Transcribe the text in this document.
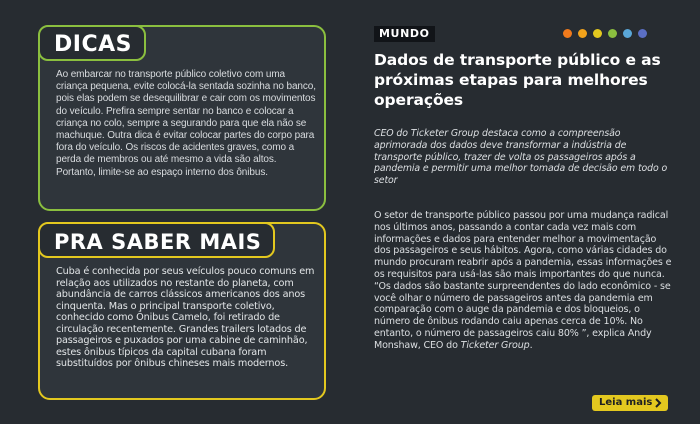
DICAS
Ao embarcar no transporte público coletivo com uma criança pequena, evite colocá-la sentada sozinha no banco, pois elas podem se desequilibrar e cair com os movimentos do veículo. Prefira sempre sentar no banco e colocar a criança no colo, sempre a segurando para que ela não se machuque. Outra dica é evitar colocar partes do corpo para fora do veículo. Os riscos de acidentes graves, como a perda de membros ou até mesmo a vida são altos. Portanto, limite-se ao espaço interno dos ônibus.
PRA SABER MAIS
Cuba é conhecida por seus veículos pouco comuns em relação aos utilizados no restante do planeta, com abundância de carros clássicos americanos dos anos cinquenta. Mas o principal transporte coletivo, conhecido como Ônibus Camelo, foi retirado de circulação recentemente. Grandes trailers lotados de passageiros e puxados por uma cabine de caminhão, estes ônibus típicos da capital cubana foram substituídos por ônibus chineses mais modernos.
MUNDO
Dados de transporte público e as próximas etapas para melhores operações
CEO do Ticketer Group destaca como a compreensão aprimorada dos dados deve transformar a indústria de transporte público, trazer de volta os passageiros após a pandemia e permitir uma melhor tomada de decisão em todo o setor

O setor de transporte público passou por uma mudança radical nos últimos anos, passando a contar cada vez mais com informações e dados para entender melhor a movimentação dos passageiros e seus hábitos. Agora, como várias cidades do mundo procuram reabrir após a pandemia, essas informações e os requisitos para usá-las são mais importantes do que nunca. “Os dados são bastante surpreendentes do lado econômico - se você olhar o número de passageiros antes da pandemia em comparação com o auge da pandemia e dos bloqueios, o número de ônibus rodando caiu apenas cerca de 10%. No entanto, o número de passageiros caiu 80% ”, explica Andy Monshaw, CEO do Ticketer Group.

Leia mais
